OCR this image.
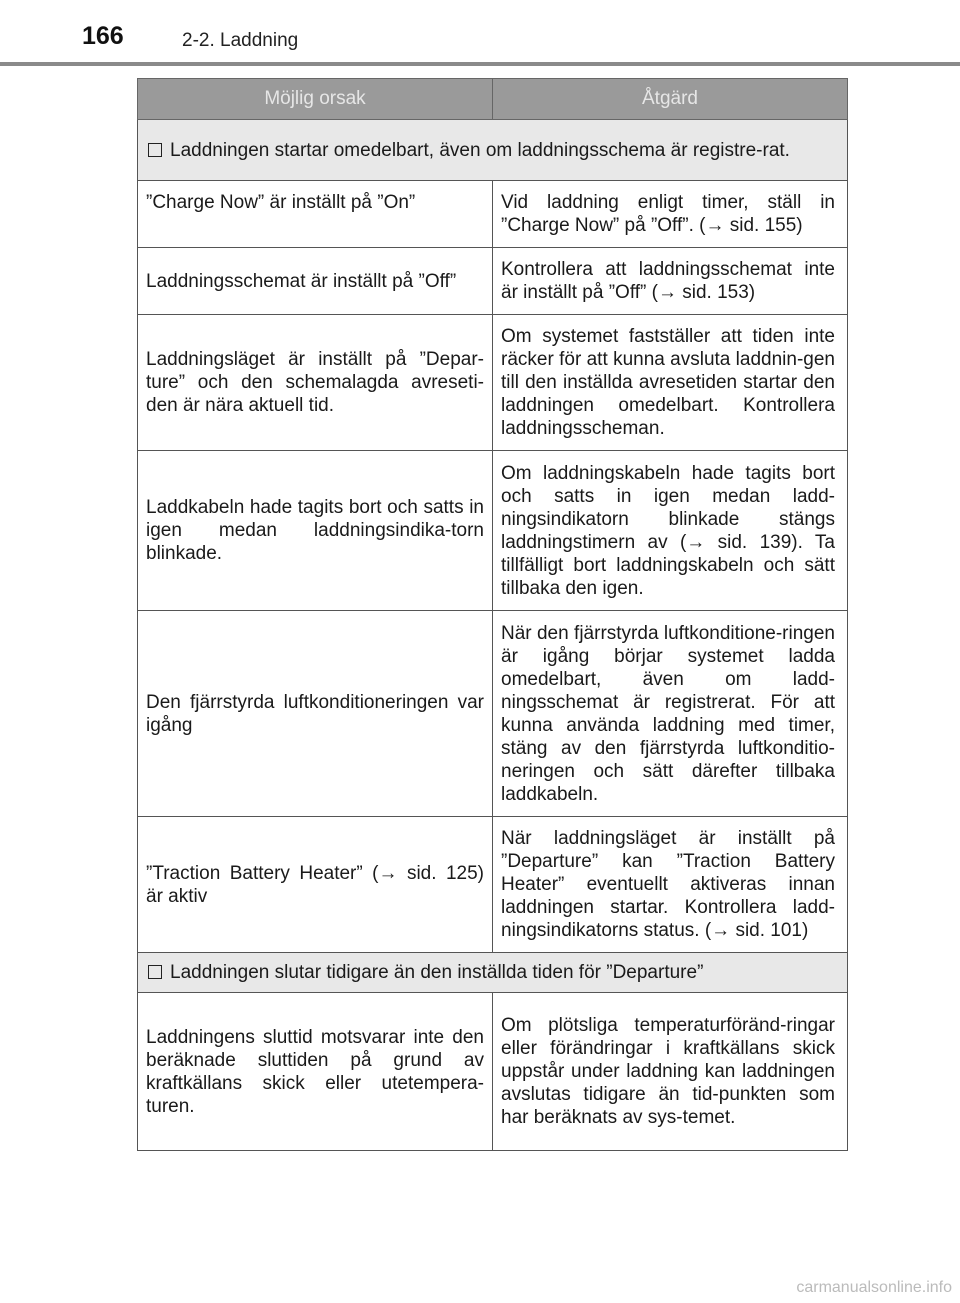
166	2-2. Laddning
Möjlig orsak	Åtgärd
Laddningen startar omedelbart, även om laddningsschema är registre-rat.	
”Charge Now” är inställt på ”On”	Vid laddning enligt timer, ställ in ”Charge Now” på ”Off”. (→ sid. 155)
Laddningsschemat är inställt på ”Off”	Kontrollera att laddningsschemat inte är inställt på ”Off” (→ sid. 153)
Laddningsläget är inställt på ”Depar-ture” och den schemalagda avreseti-den är nära aktuell tid.	Om systemet fastställer att tiden inte räcker för att kunna avsluta laddnin-gen till den inställda avresetiden startar den laddningen omedelbart. Kontrollera laddningsscheman.
Laddkabeln hade tagits bort och satts in igen medan laddningsindika-torn blinkade.	Om laddningskabeln hade tagits bort och satts in igen medan ladd-ningsindikatorn blinkade stängs laddningstimern av (→ sid. 139). Ta tillfälligt bort laddningskabeln och sätt tillbaka den igen.
Den fjärrstyrda luftkonditioneringen var igång	När den fjärrstyrda luftkonditione-ringen är igång börjar systemet ladda omedelbart, även om ladd-ningsschemat är registrerat. För att kunna använda laddning med timer, stäng av den fjärrstyrda luftkonditio-neringen och sätt därefter tillbaka laddkabeln.
”Traction Battery Heater” (→ sid. 125) är aktiv	När laddningsläget är inställt på ”Departure” kan ”Traction Battery Heater” eventuellt aktiveras innan laddningen startar. Kontrollera ladd-ningsindikatorns status. (→ sid. 101)
Laddningen slutar tidigare än den inställda tiden för ”Departure”	
Laddningens sluttid motsvarar inte den beräknade sluttiden på grund av kraftkällans skick eller utetempera-turen.	Om plötsliga temperaturföränd-ringar eller förändringar i kraftkällans skick uppstår under laddning kan laddningen avslutas tidigare än tid-punkten som har beräknats av sys-temet.
carmanualsonline.info
